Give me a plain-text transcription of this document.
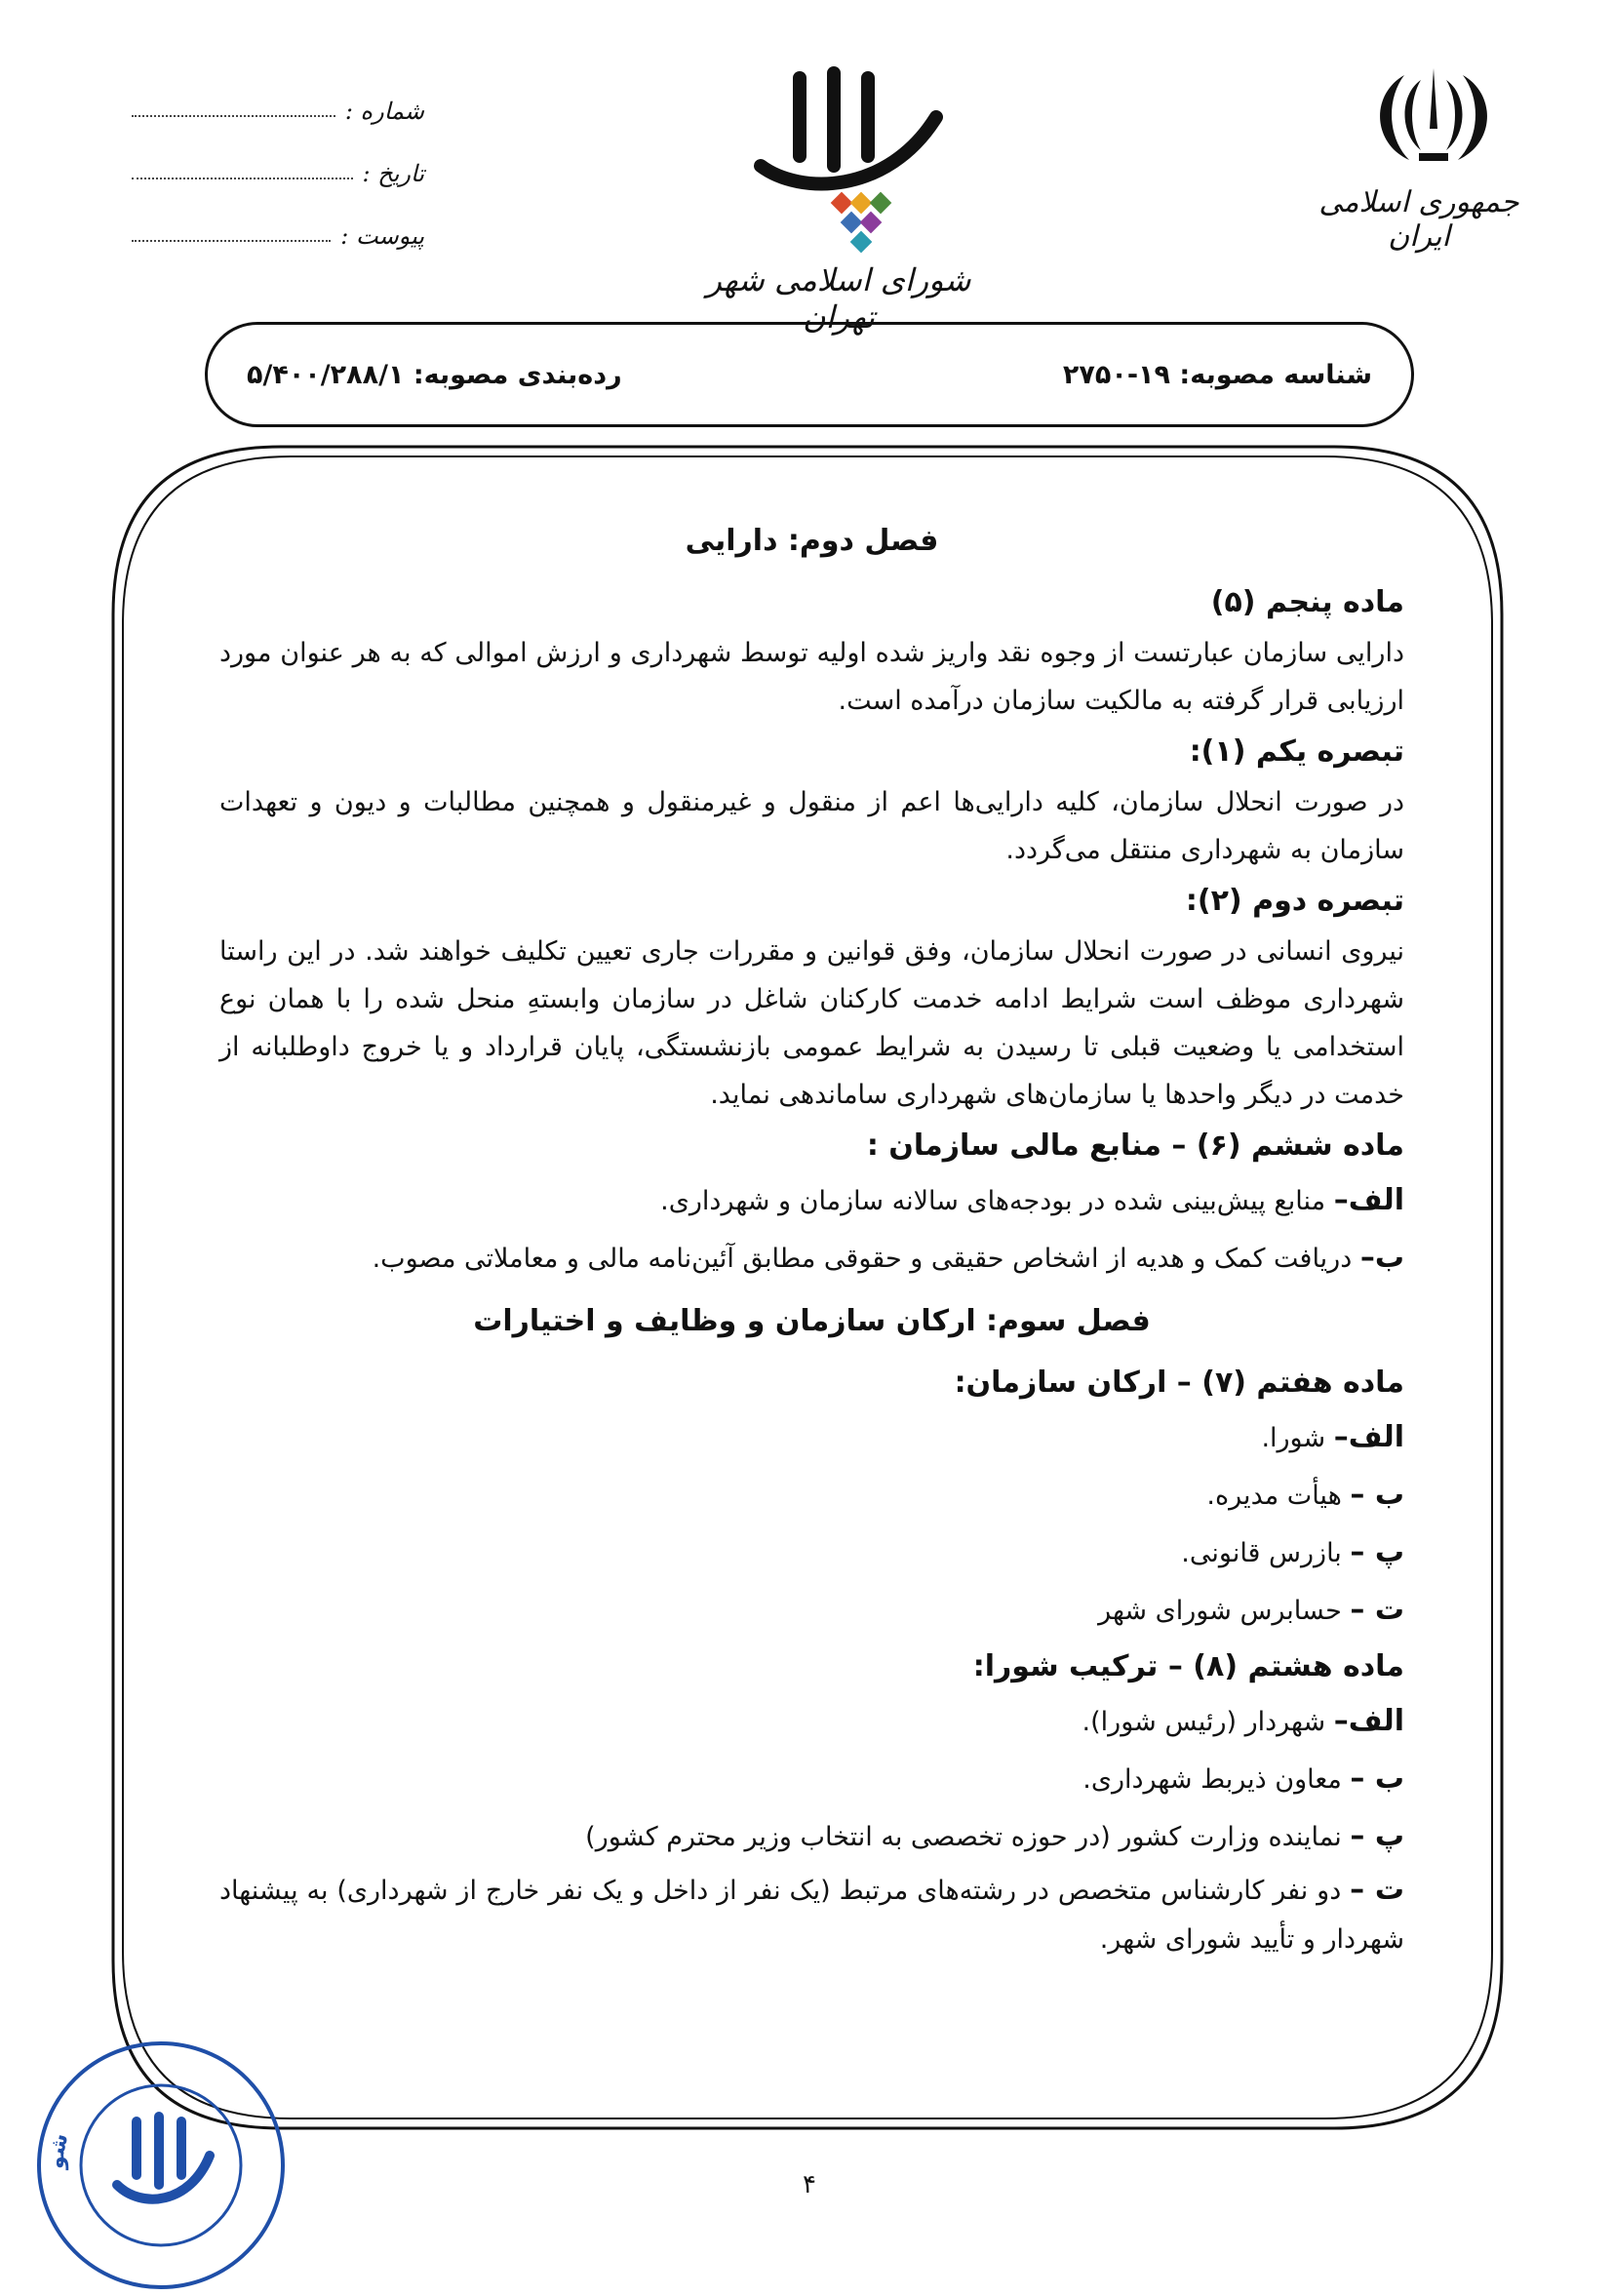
جمهوری اسلامی ایران
شورای اسلامی شهر تهران
شماره :
تاریخ :
پیوست :
شناسه مصوبه: ۱۹-۲۷۵۰
رده‌بندی مصوبه: ۵/۴۰۰/۲۸۸/۱

فصل دوم: دارایی

ماده پنجم (۵)

دارایی سازمان عبارتست از وجوه نقد واریز شده اولیه توسط شهرداری و ارزش اموالی که به هر عنوان مورد ارزیابی قرار گرفته به مالکیت سازمان درآمده است.

تبصره یکم (۱):

در صورت انحلال سازمان، کلیه دارایی‌ها اعم از منقول و غیرمنقول و همچنین مطالبات و دیون و تعهدات سازمان به شهرداری منتقل می‌گردد.

تبصره دوم (۲):

نیروی انسانی در صورت انحلال سازمان، وفق قوانین و مقررات جاری تعیین تکلیف خواهند شد. در این راستا شهرداری موظف است شرایط ادامه خدمت کارکنان شاغل در سازمان وابستهِ منحل شده را با همان نوع استخدامی یا وضعیت قبلی تا رسیدن به شرایط عمومی بازنشستگی، پایان قرارداد و یا خروج داوطلبانه از خدمت در دیگر واحدها یا سازمان‌های شهرداری ساماندهی نماید.

ماده ششم (۶) – منابع مالی سازمان :

الف– منابع پیش‌بینی شده در بودجه‌های سالانه سازمان و شهرداری.

ب– دریافت کمک و هدیه از اشخاص حقیقی و حقوقی مطابق آئین‌نامه مالی و معاملاتی مصوب.

فصل سوم: ارکان سازمان و وظایف و اختیارات

ماده هفتم (۷) – ارکان سازمان:

الف– شورا.

ب – هیأت مدیره.

پ – بازرس قانونی.

ت – حسابرس شورای شهر

ماده هشتم (۸) – ترکیب شورا:

الف– شهردار (رئیس شورا).

ب – معاون ذیربط شهرداری.

پ – نماینده وزارت کشور (در حوزه تخصصی به انتخاب وزیر محترم کشور)

ت – دو نفر کارشناس متخصص در رشته‌های مرتبط (یک نفر از داخل و یک نفر خارج از شهرداری) به پیشنهاد شهردار و تأیید شورای شهر.

شو
۴
